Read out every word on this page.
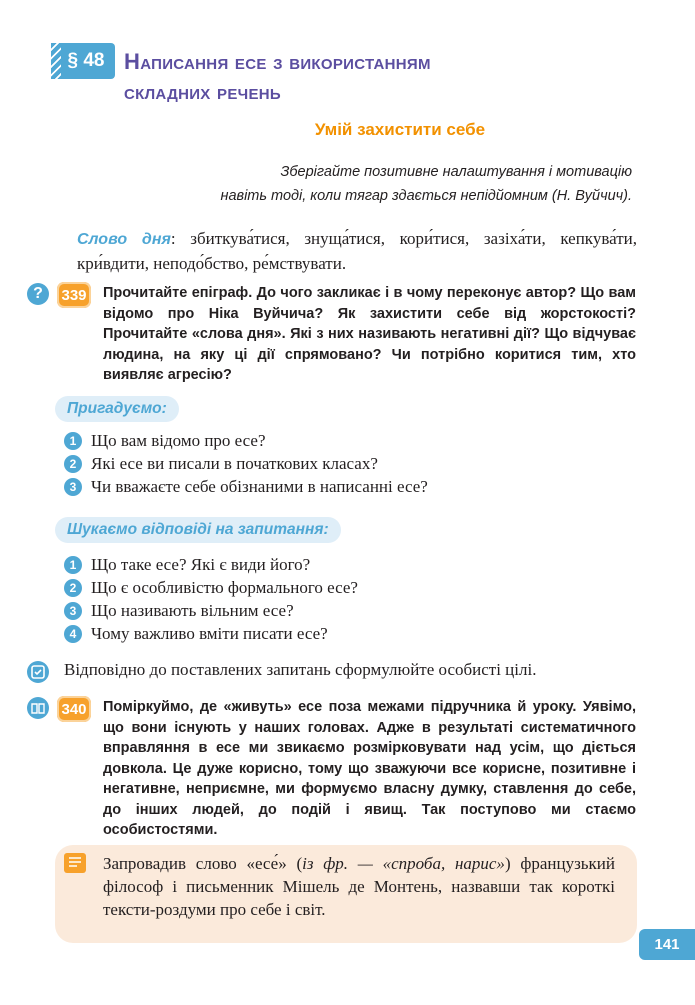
§ 48 Написання есе з використанням
складних речень
Умій захистити себе
Зберігайте позитивне налаштування і мотивацію
навіть тоді, коли тягар здається непідйомним (Н. Вуйчич).
Слово дня: збиткува́тися, знуща́тися, кори́тися, зазіха́ти, кепкува́ти, кри́вдити, неподо́бство, ре́мствувати.
?	339	Прочитайте епіграф. До чого закликає і в чому переконує автор? Що вам відомо про Ніка Вуйчича? Як захистити себе від жорстокості? Прочитайте «слова дня». Які з них називають негативні дії? Що відчуває людина, на яку ці дії спрямовано? Чи потрібно коритися тим, хто виявляє агресію?
Пригадуємо:
1 Що вам відомо про есе?
2 Які есе ви писали в початкових класах?
3 Чи вважаєте себе обізнаними в написанні есе?
Шукаємо відповіді на запитання:
1 Що таке есе? Які є види його?
2 Що є особливістю формального есе?
3 Що називають вільним есе?
4 Чому важливо вміти писати есе?
Відповідно до поставлених запитань сформулюйте особисті цілі.
340	Поміркуймо, де «живуть» есе поза межами підручника й уроку. Уявімо, що вони існують у наших головах. Адже в результаті систематичного вправляння в есе ми звикаємо розмірковувати над усім, що діється довкола. Це дуже корисно, тому що зважуючи все корисне, позитивне і негативне, неприємне, ми формуємо власну думку, ставлення до себе, до інших людей, до подій і явищ. Так поступово ми стаємо особистостями.
Запровадив слово «есе́» (із фр. — «спроба, нарис») французький філософ і письменник Мішель де Монтень, назвавши так короткі тексти-роздуми про себе і світ.
141
